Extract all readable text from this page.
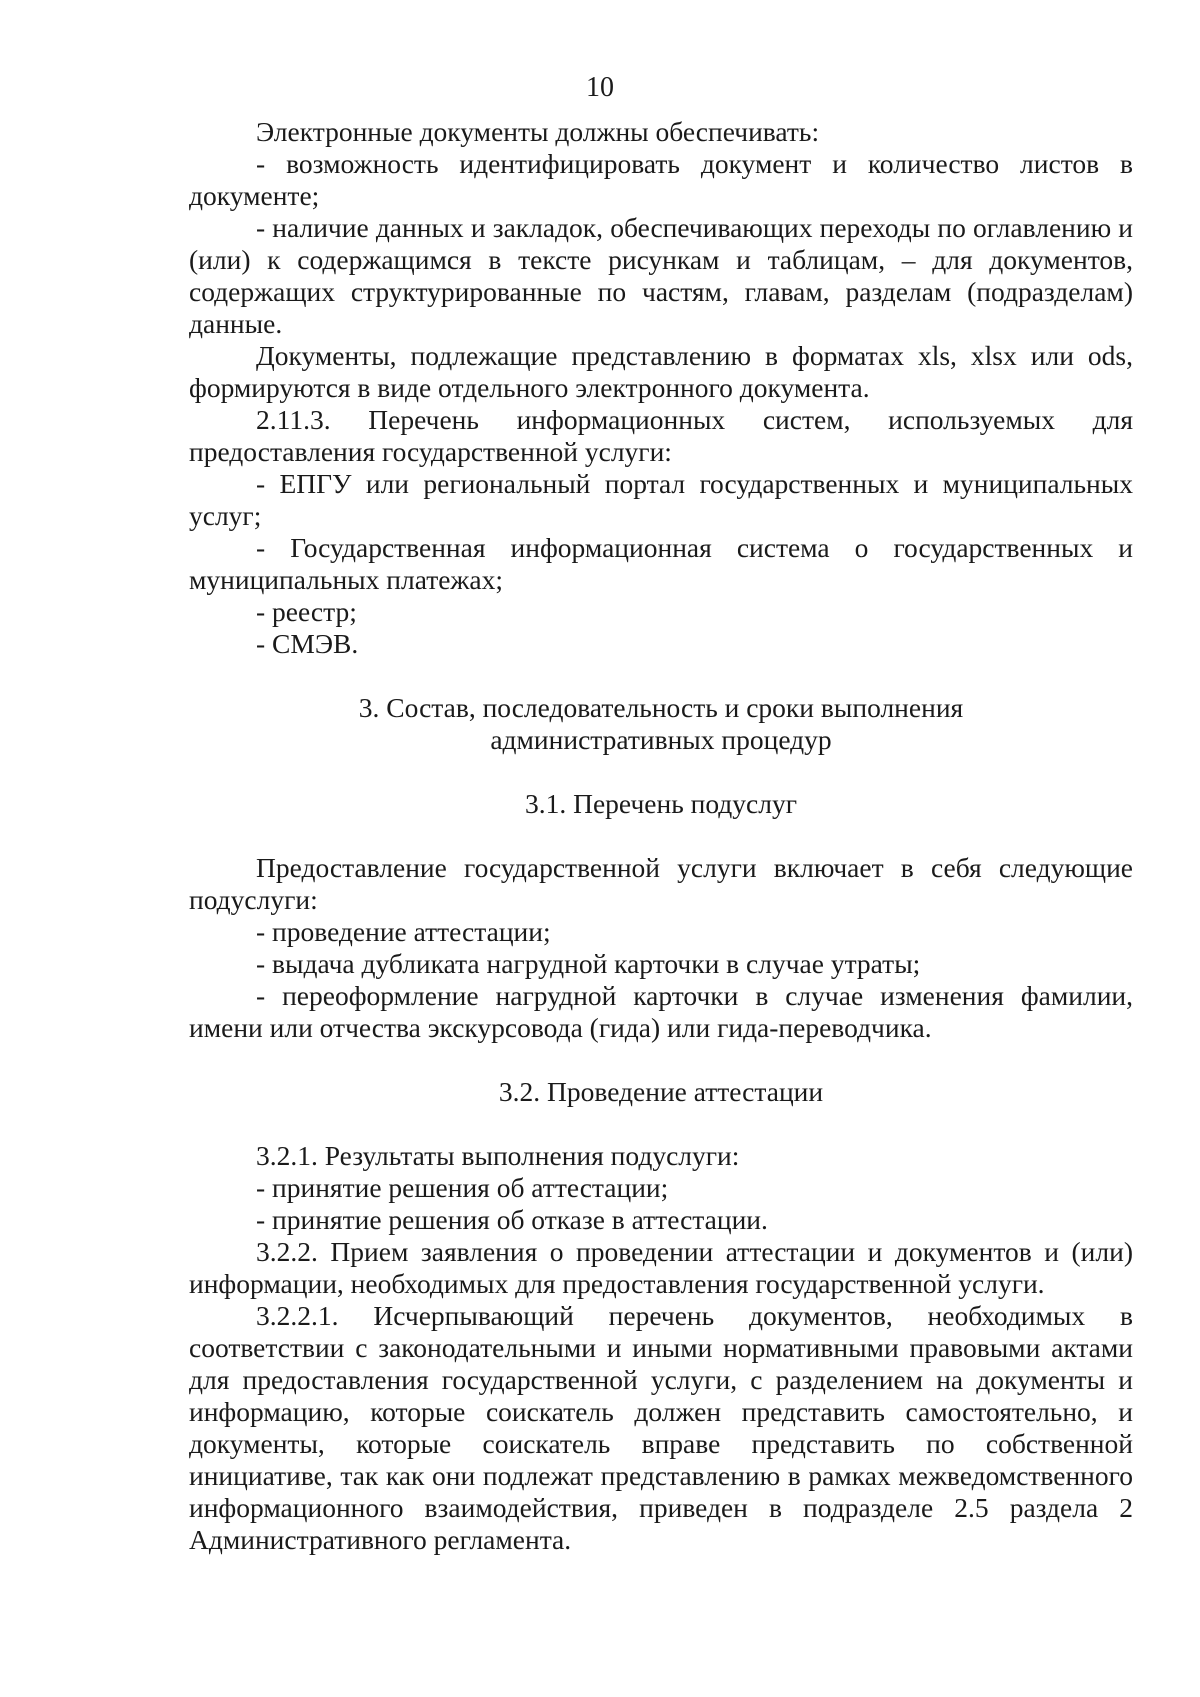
10

Электронные документы должны обеспечивать:

- возможность идентифицировать документ и количество листов в документе;

- наличие данных и закладок, обеспечивающих переходы по оглавлению и (или) к содержащимся в тексте рисункам и таблицам, – для документов, содержащих структурированные по частям, главам, разделам (подразделам) данные.

Документы, подлежащие представлению в форматах xls, xlsx или ods, формируются в виде отдельного электронного документа.

2.11.3. Перечень информационных систем, используемых для предоставления государственной услуги:

- ЕПГУ или региональный портал государственных и муниципальных услуг;

- Государственная информационная система о государственных и муниципальных платежах;

- реестр;

- СМЭВ.

3. Состав, последовательность и сроки выполнения

административных процедур

3.1. Перечень подуслуг

Предоставление государственной услуги включает в себя следующие подуслуги:

- проведение аттестации;

- выдача дубликата нагрудной карточки в случае утраты;

- переоформление нагрудной карточки в случае изменения фамилии, имени или отчества экскурсовода (гида) или гида-переводчика.

3.2. Проведение аттестации

3.2.1. Результаты выполнения подуслуги:

- принятие решения об аттестации;

- принятие решения об отказе в аттестации.

3.2.2. Прием заявления о проведении аттестации и документов и (или) информации, необходимых для предоставления государственной услуги.

3.2.2.1. Исчерпывающий перечень документов, необходимых в соответствии с законодательными и иными нормативными правовыми актами для предоставления государственной услуги, с разделением на документы и информацию, которые соискатель должен представить самостоятельно, и документы, которые соискатель вправе представить по собственной инициативе, так как они подлежат представлению в рамках межведомственного информационного взаимодействия, приведен в подразделе 2.5 раздела 2 Административного регламента.
